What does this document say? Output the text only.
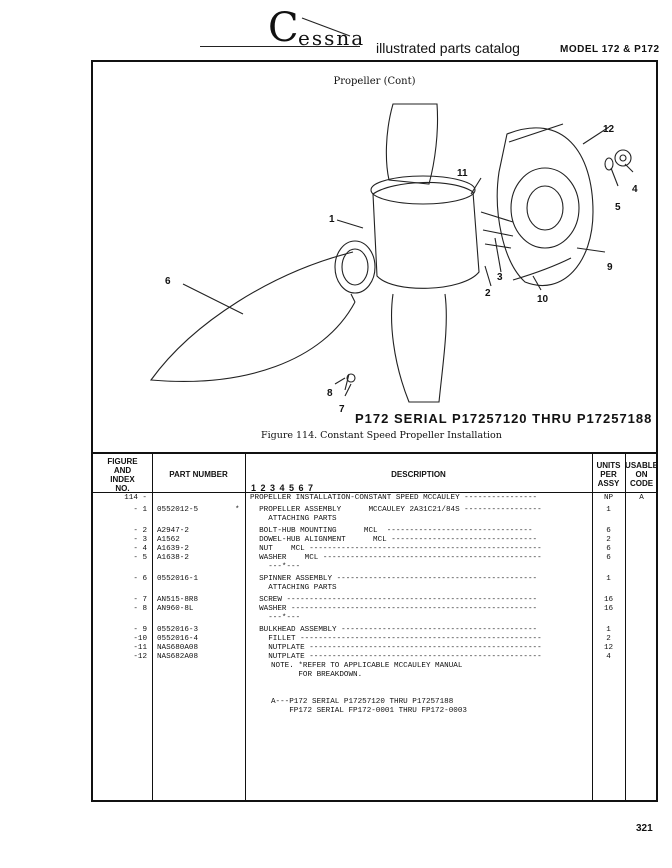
C essna illustrated parts catalog	MODEL 172 & P172
Propeller (Cont)
1
2
3
4
5
6
7
8
9
10
11
12
P172 SERIAL P17257120 THRU P17257188
Figure 114. Constant Speed Propeller Installation
FIGURE
AND
INDEX
NO.
PART NUMBER	DESCRIPTION
1 2 3 4 5 6 7
UNITS
PER
ASSY
USABLE
ON
CODE
114 -	PROPELLER INSTALLATION-CONSTANT SPEED MCCAULEY ----------------	NP	A
- 1 0552012-5	*	PROPELLER ASSEMBLY      MCCAULEY 2A31C21/84S -----------------	1
ATTACHING PARTS
- 2 A2947-2	BOLT-HUB MOUNTING      MCL  --------------------------------	6
- 3 A1562	DOWEL-HUB ALIGNMENT      MCL --------------------------------	2
- 4 A1639-2	NUT    MCL ---------------------------------------------------	6
- 5 A1638-2	WASHER    MCL ------------------------------------------------	6
---*---
- 6 0552016-1	SPINNER ASSEMBLY --------------------------------------------	1
ATTACHING PARTS
- 7 AN515-8R8	SCREW -------------------------------------------------------	16
- 8 AN960-8L	WASHER ------------------------------------------------------	16
---*---
- 9 0552016-3	BULKHEAD ASSEMBLY -------------------------------------------	1
-10 0552016-4	FILLET -----------------------------------------------------	2
-11 NAS680A08	NUTPLATE ---------------------------------------------------	12
-12 NAS682A08	NUTPLATE ---------------------------------------------------	4
NOTE. *REFER TO APPLICABLE MCCAULEY MANUAL
FOR BREAKDOWN.
A---P172 SERIAL P17257120 THRU P17257188
FP172 SERIAL FP172-0001 THRU FP172-0003
321
